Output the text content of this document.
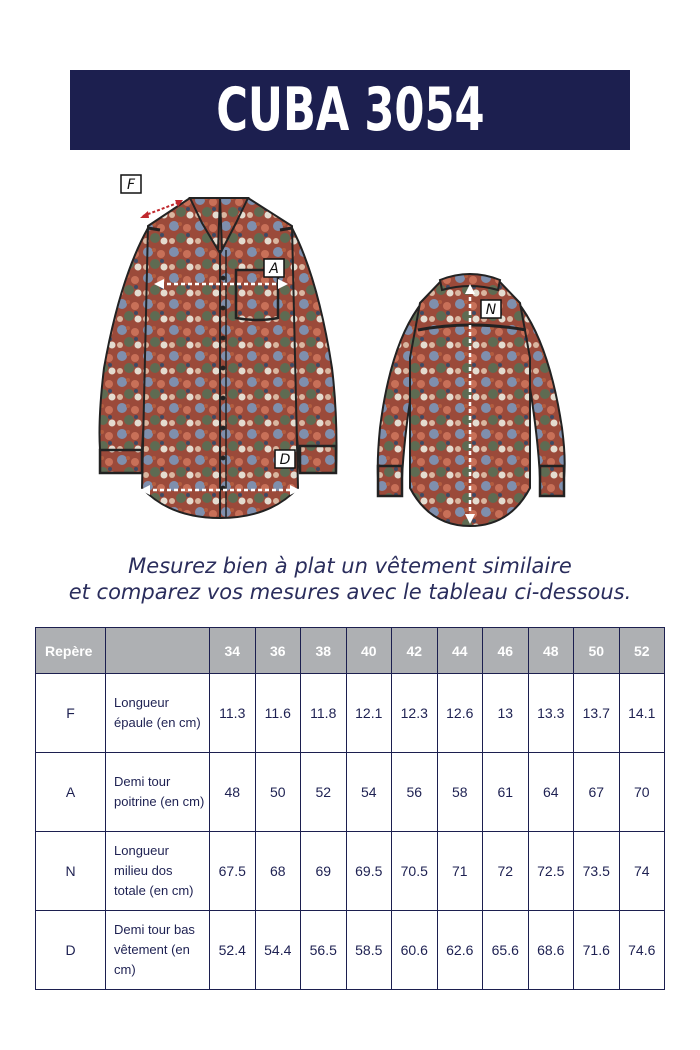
CUBA 3054
F
A
N
D
Mesurez bien à plat un vêtement similaire
et comparez vos mesures avec le tableau ci-dessous.
Repère		34	36	38	40	42	44	46	48	50	52
F	Longueur épaule (en cm)	11.3	11.6	11.8	12.1	12.3	12.6	13	13.3	13.7	14.1
A	Demi tour poitrine (en cm)	48	50	52	54	56	58	61	64	67	70
N	Longueur milieu dos totale (en cm)	67.5	68	69	69.5	70.5	71	72	72.5	73.5	74
D	Demi tour bas vêtement (en cm)	52.4	54.4	56.5	58.5	60.6	62.6	65.6	68.6	71.6	74.6
